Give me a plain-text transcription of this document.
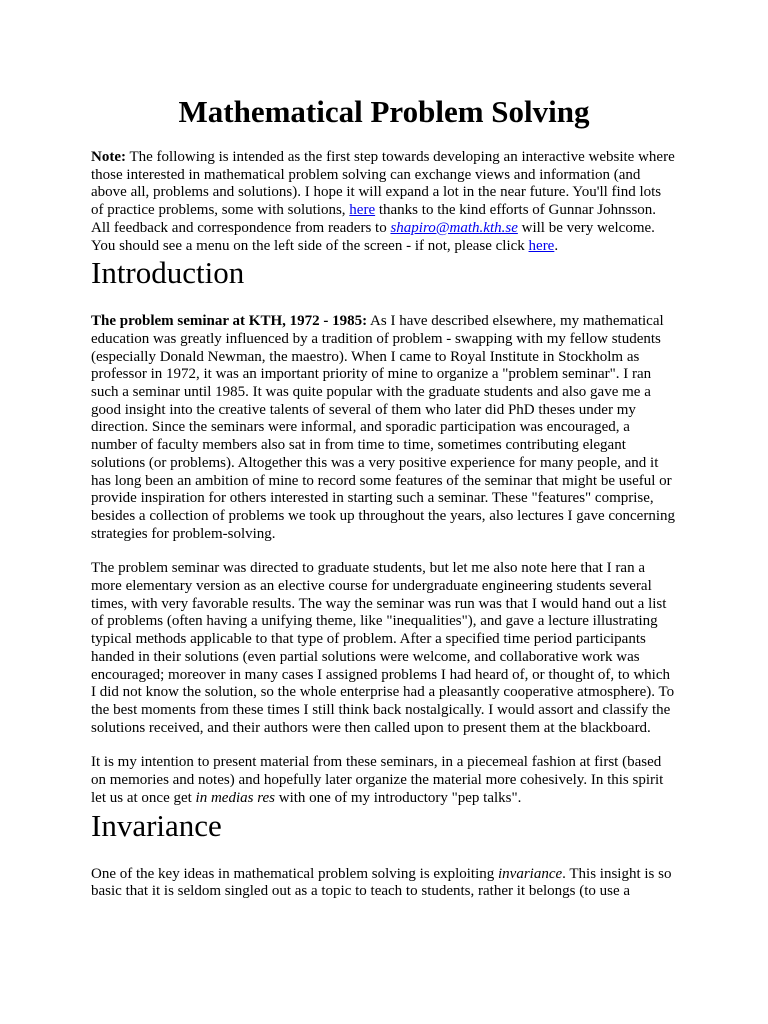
Mathematical Problem Solving

Note: The following is intended as the first step towards developing an interactive website where those interested in mathematical problem solving can exchange views and information (and above all, problems and solutions). I hope it will expand a lot in the near future. You'll find lots of practice problems, some with solutions, here thanks to the kind efforts of Gunnar Johnsson. All feedback and correspondence from readers to shapiro@math.kth.se will be very welcome. You should see a menu on the left side of the screen - if not, please click here.

Introduction

The problem seminar at KTH, 1972 - 1985: As I have described elsewhere, my mathematical education was greatly influenced by a tradition of problem - swapping with my fellow students (especially Donald Newman, the maestro). When I came to Royal Institute in Stockholm as professor in 1972, it was an important priority of mine to organize a "problem seminar". I ran such a seminar until 1985. It was quite popular with the graduate students and also gave me a good insight into the creative talents of several of them who later did PhD theses under my direction. Since the seminars were informal, and sporadic participation was encouraged, a number of faculty members also sat in from time to time, sometimes contributing elegant solutions (or problems). Altogether this was a very positive experience for many people, and it has long been an ambition of mine to record some features of the seminar that might be useful or provide inspiration for others interested in starting such a seminar. These "features" comprise, besides a collection of problems we took up throughout the years, also lectures I gave concerning strategies for problem-solving.

The problem seminar was directed to graduate students, but let me also note here that I ran a more elementary version as an elective course for undergraduate engineering students several times, with very favorable results. The way the seminar was run was that I would hand out a list of problems (often having a unifying theme, like "inequalities"), and gave a lecture illustrating typical methods applicable to that type of problem. After a specified time period participants handed in their solutions (even partial solutions were welcome, and collaborative work was encouraged; moreover in many cases I assigned problems I had heard of, or thought of, to which I did not know the solution, so the whole enterprise had a pleasantly cooperative atmosphere). To the best moments from these times I still think back nostalgically. I would assort and classify the solutions received, and their authors were then called upon to present them at the blackboard.

It is my intention to present material from these seminars, in a piecemeal fashion at first (based on memories and notes) and hopefully later organize the material more cohesively. In this spirit let us at once get in medias res with one of my introductory "pep talks".

Invariance

One of the key ideas in mathematical problem solving is exploiting invariance. This insight is so basic that it is seldom singled out as a topic to teach to students, rather it belongs (to use a
